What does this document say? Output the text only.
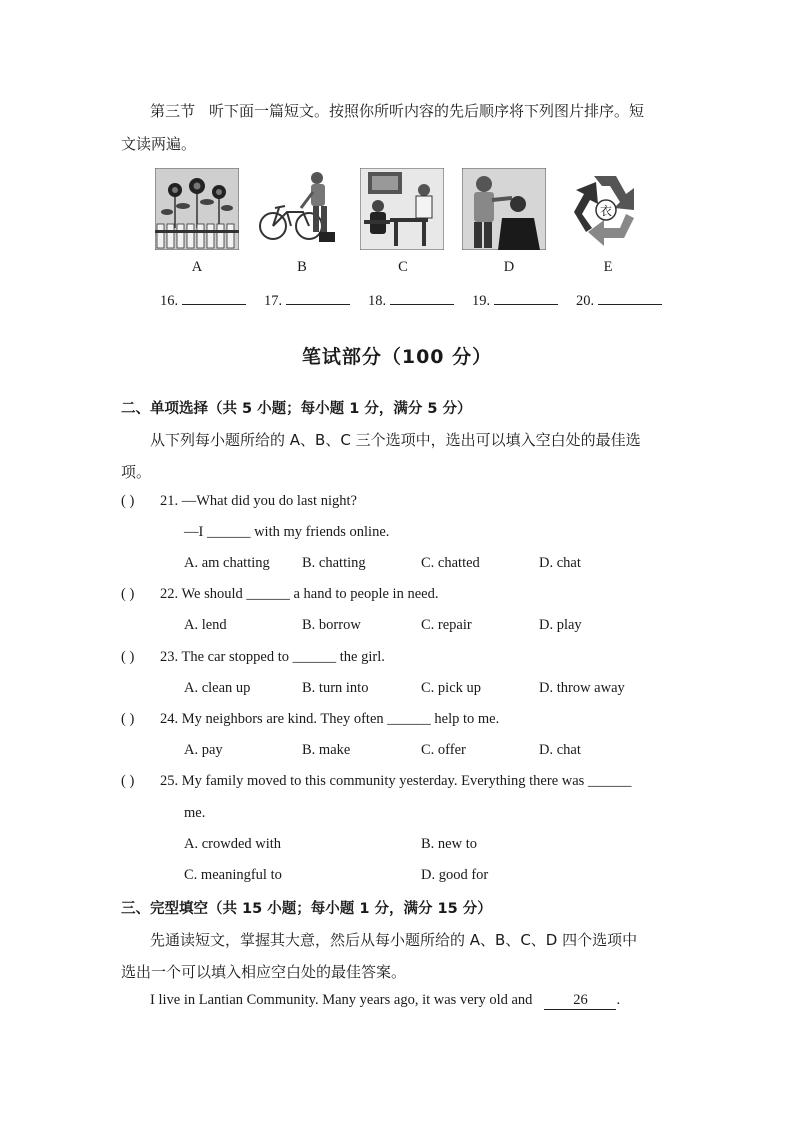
第三节 听下面一篇短文。按照你所听内容的先后顺序将下列图片排序。短
文读两遍。
衣
A	B	C	D	E
16.	17.	18.	19.	20.
笔试部分（100 分）
二、单项选择（共 5 小题；每小题 1 分，满分 5 分）
从下列每小题所给的 A、B、C 三个选项中，选出可以填入空白处的最佳选
项。
( ) 21. —What did you do last night?
—I ______ with my friends online.
A. am chatting B. chatting	C. chatted	D. chat
( ) 22. We should ______ a hand to people in need.
A. lend	B. borrow	C. repair	D. play
( ) 23. The car stopped to ______ the girl.
A. clean up	B. turn into	C. pick up	D. throw away
( ) 24. My neighbors are kind. They often ______ help to me.
A. pay	B. make	C. offer	D. chat
( ) 25. My family moved to this community yesterday. Everything there was ______
me.
A. crowded with	B. new to
C. meaningful to	D. good for
三、完型填空（共 15 小题；每小题 1 分，满分 15 分）
先通读短文，掌握其大意，然后从每小题所给的 A、B、C、D 四个选项中
选出一个可以填入相应空白处的最佳答案。
I live in Lantian Community. Many years ago, it was very old and	26 .
